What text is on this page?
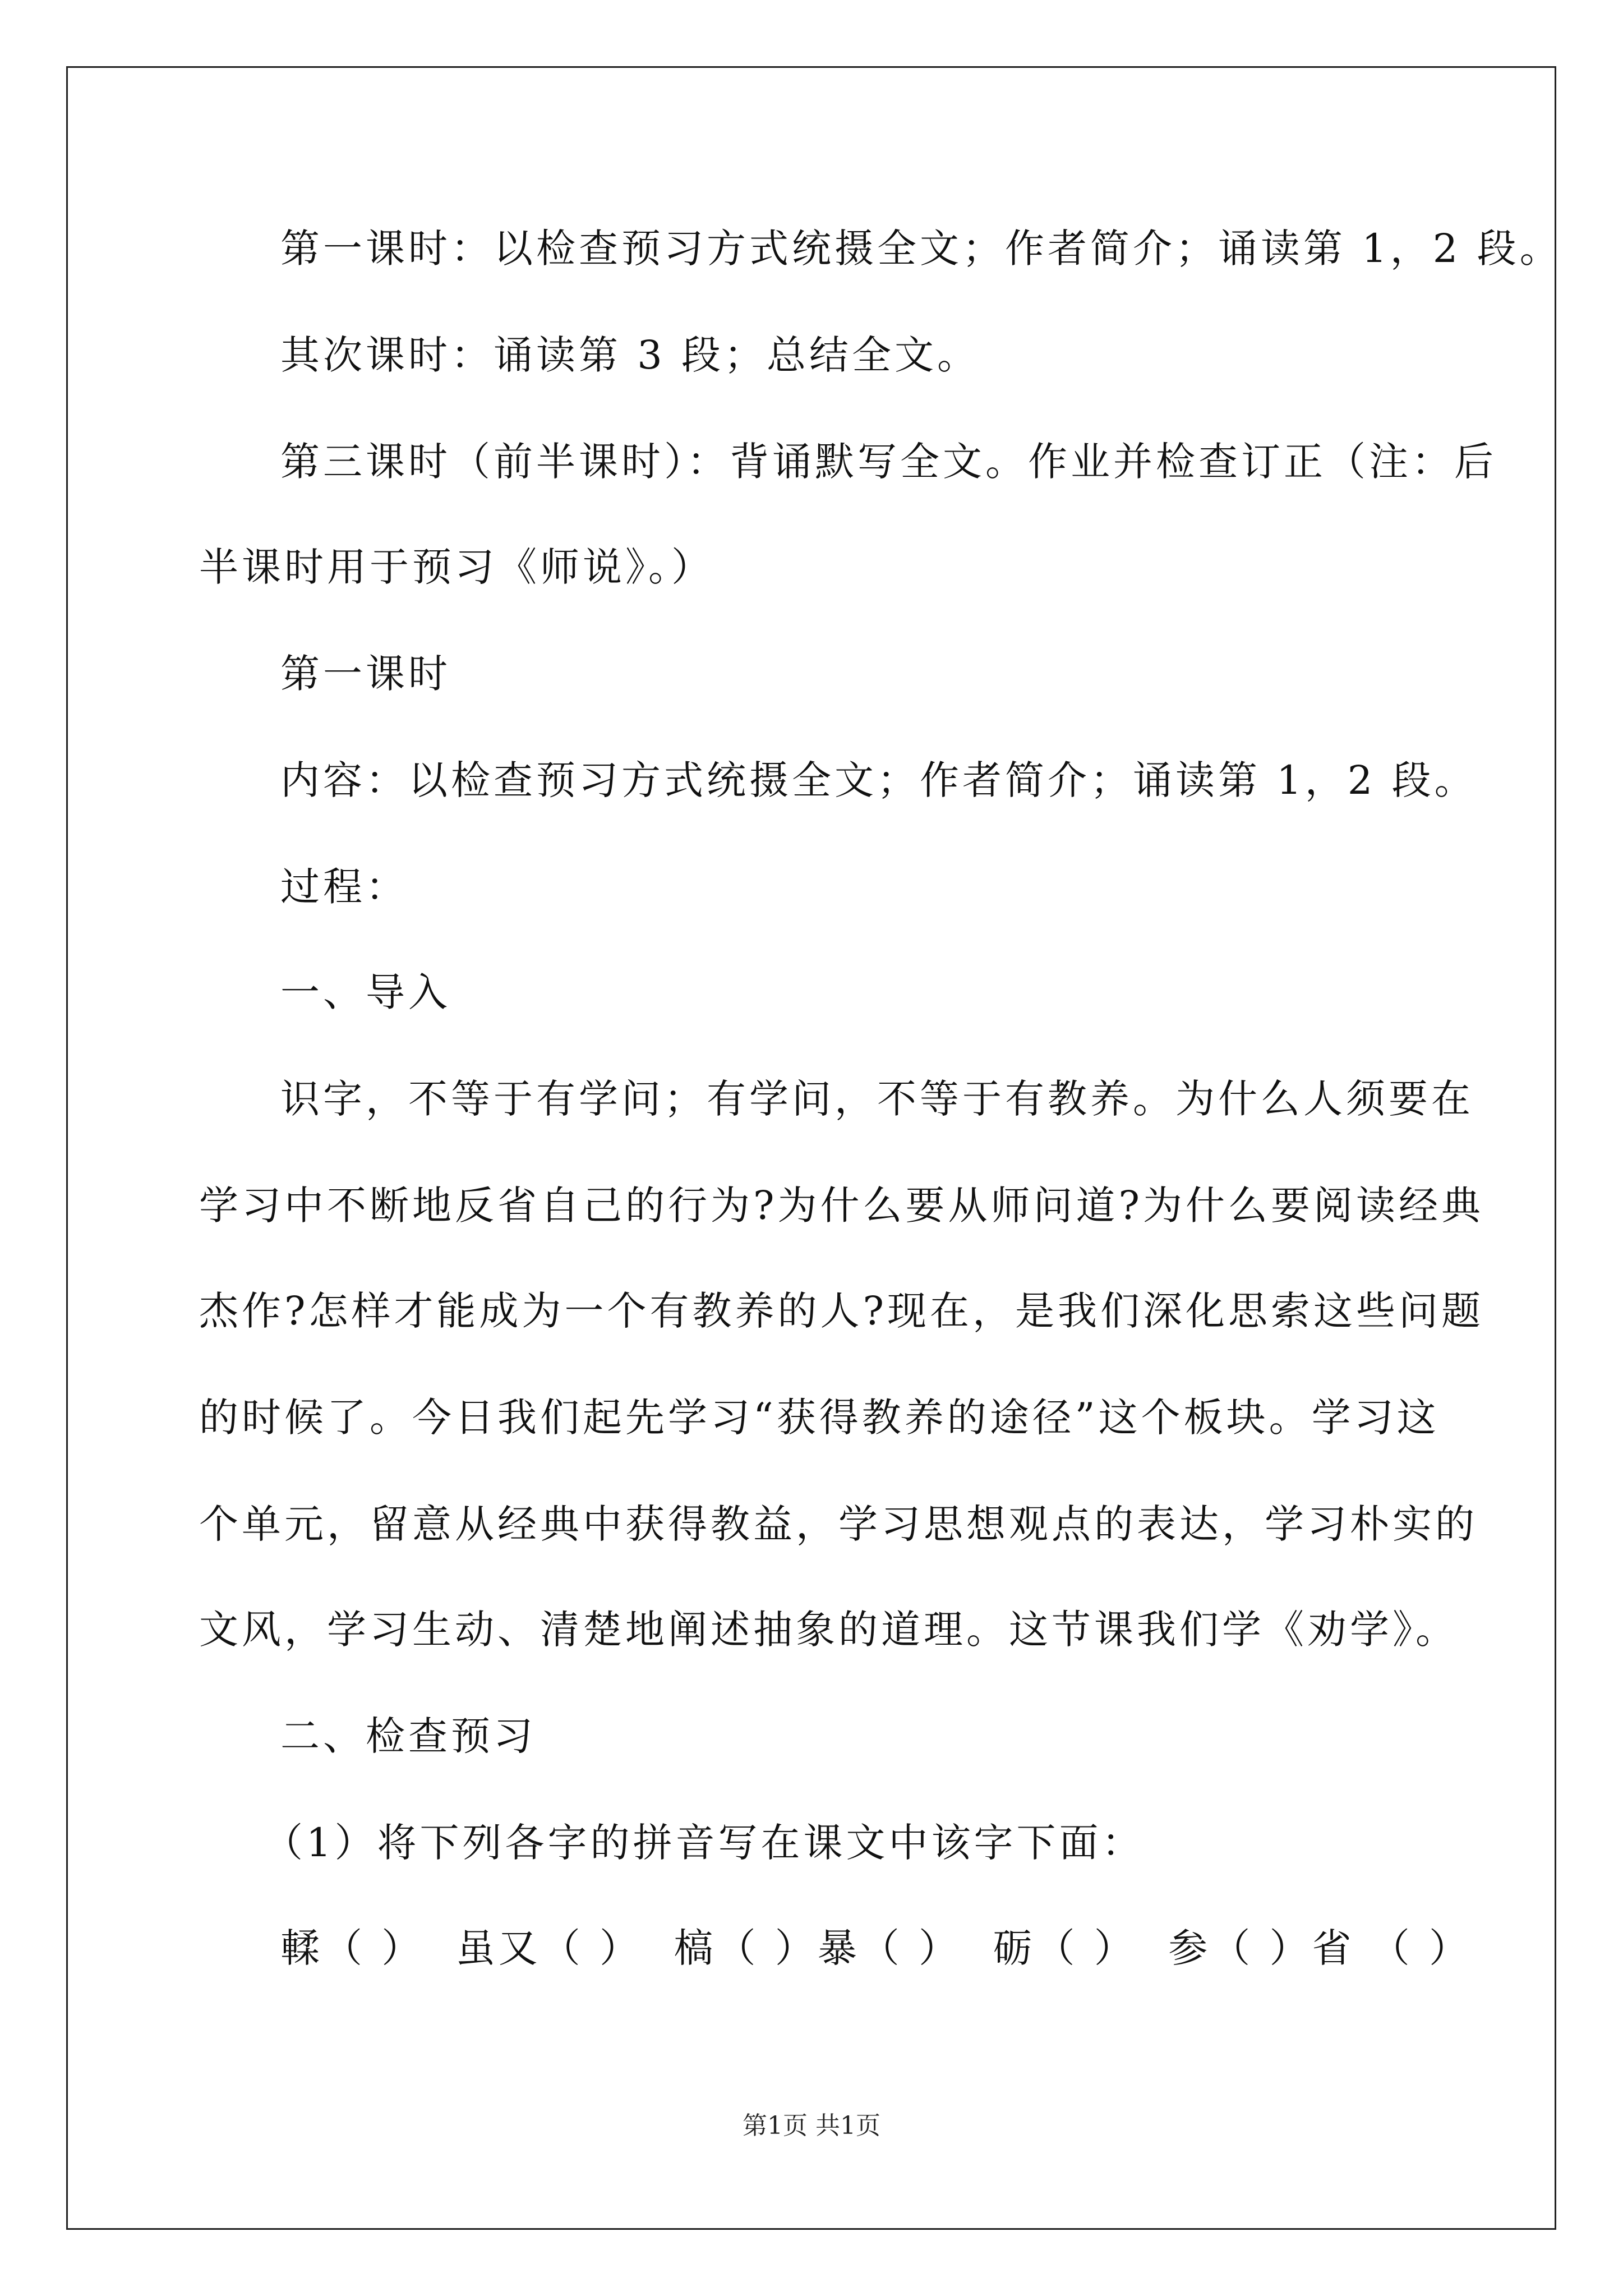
第一课时：以检查预习方式统摄全文；作者简介；诵读第 1，2 段。
其次课时：诵读第 3 段；总结全文。
第三课时（前半课时）：背诵默写全文。作业并检查订正（注：后
半课时用于预习《师说》。）
第一课时
内容：以检查预习方式统摄全文；作者简介；诵读第 1，2 段。
过程：
一、导入
识字，不等于有学问；有学问，不等于有教养。为什么人须要在
学习中不断地反省自己的行为?为什么要从师问道?为什么要阅读经典
杰作?怎样才能成为一个有教养的人?现在，是我们深化思索这些问题
的时候了。今日我们起先学习“获得教养的途径”这个板块。学习这
个单元，留意从经典中获得教益，学习思想观点的表达，学习朴实的
文风，学习生动、清楚地阐述抽象的道理。这节课我们学《劝学》。
二、检查预习
（1）将下列各字的拼音写在课文中该字下面：
輮（ ）  虽又（ ）  槁（ ）暴（ ）  砺（ ）  参（ ）省 （ ）
第1页 共1页
